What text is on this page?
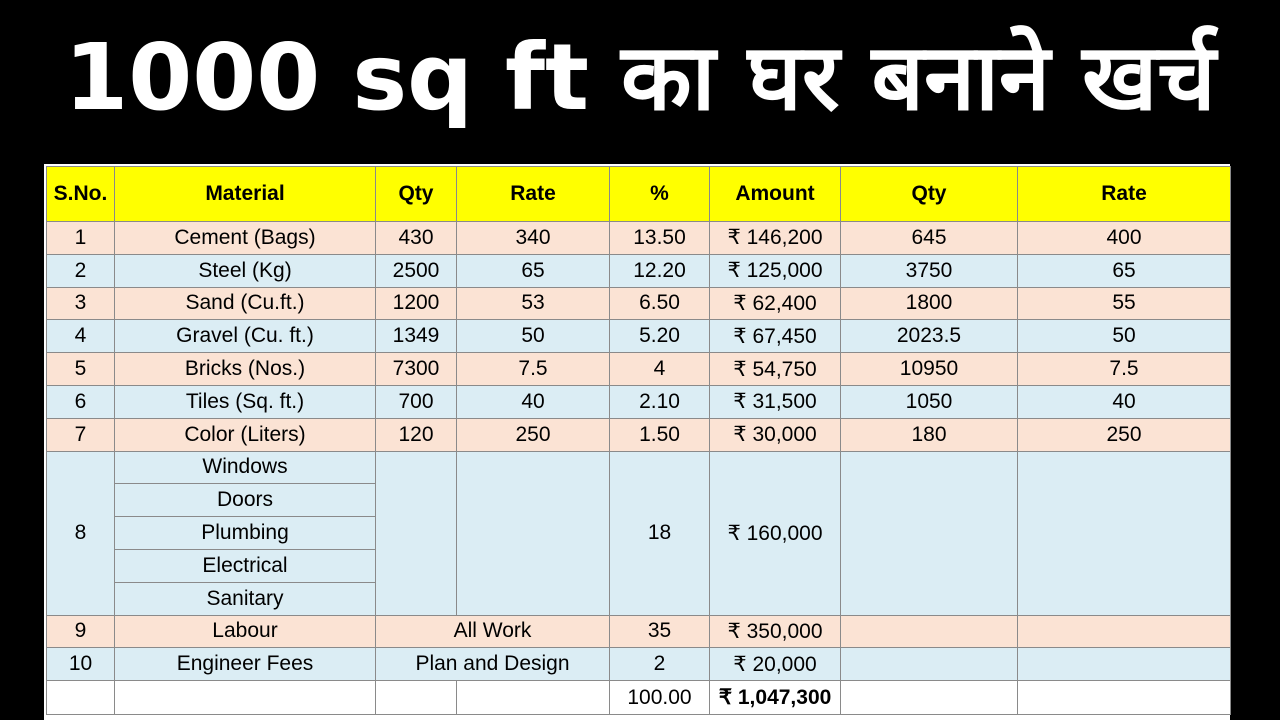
1000 sq ft का घर बनाने खर्च
S.No.	Material	Qty	Rate	%	Amount	Qty	Rate
1	Cement (Bags)	430	340	13.50	₹ 146,200	645	400
2	Steel (Kg)	2500	65	12.20	₹ 125,000	3750	65
3	Sand (Cu.ft.)	1200	53	6.50	₹ 62,400	1800	55
4	Gravel (Cu. ft.)	1349	50	5.20	₹ 67,450	2023.5	50
5	Bricks (Nos.)	7300	7.5	4	₹ 54,750	10950	7.5
6	Tiles (Sq. ft.)	700	40	2.10	₹ 31,500	1050	40
7	Color (Liters)	120	250	1.50	₹ 30,000	180	250
8	Windows			18	₹ 160,000		
	Doors						
	Plumbing						
	Electrical						
	Sanitary						
9	Labour	All Work		35	₹ 350,000		
10	Engineer Fees	Plan and Design		2	₹ 20,000		
				100.00	₹ 1,047,300		
